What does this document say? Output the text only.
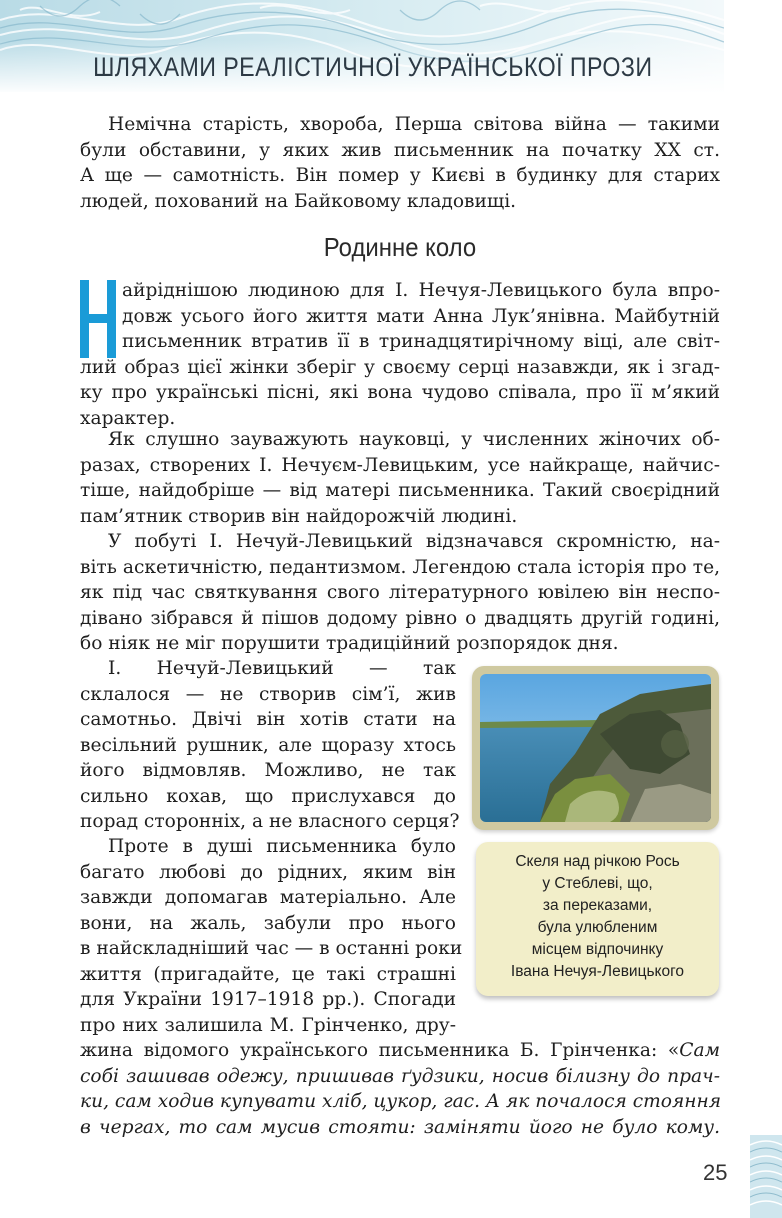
ШЛЯХАМИ РЕАЛІСТИЧНОЇ УКРАЇНСЬКОЇ ПРОЗИ
Немічна старість, хвороба, Перша світова війна — такими
були обставини, у яких жив письменник на початку XX ст.
А ще — самотність. Він помер у Києві в будинку для старих
людей, похований на Байковому кладовищі.
Родинне коло
айріднішою людиною для І. Нечуя-Левицького була впро-
довж усього його життя мати Анна Лук’янівна. Майбутній
письменник втратив її в тринадцятирічному віці, але світ-
лий образ цієї жінки зберіг у своєму серці назавжди, як і згад-
ку про українські пісні, які вона чудово співала, про її м’який
характер.
Як слушно зауважують науковці, у численних жіночих об-
разах, створених І. Нечуєм-Левицьким, усе найкраще, найчис-
тіше, найдобріше — від матері письменника. Такий своєрідний
пам’ятник створив він найдорожчій людині.
У побуті І. Нечуй-Левицький відзначався скромністю, на-
віть аскетичністю, педантизмом. Легендою стала історія про те,
як під час святкування свого літературного ювілею він неспо-
дівано зібрався й пішов додому рівно о двадцять другій годині,
бо ніяк не міг порушити традиційний розпорядок дня.
І. Нечуй-Левицький — так
склалося — не створив сім’ї, жив
самотньо. Двічі він хотів стати на
весільний рушник, але щоразу хтось
його відмовляв. Можливо, не так
сильно кохав, що прислухався до
порад сторонніх, а не власного серця?
Проте в душі письменника було
багато любові до рідних, яким він
завжди допомагав матеріально. Але
вони, на жаль, забули про нього
в найскладніший час — в останні роки
життя (пригадайте, це такі страшні
для України 1917–1918 рр.). Спогади
про них залишила М. Грінченко, дру-
жина відомого українського письменника Б. Грінченка: «Сам
собі зашивав одежу, пришивав ґудзики, носив білизну до прач-
ки, сам ходив купувати хліб, цукор, гас. А як почалося стояння
в чергах, то сам мусив стояти: заміняти його не було кому.
Скеля над річкою Рось
у Стеблеві, що,
за переказами,
була улюбленим
місцем відпочинку
Івана Нечуя-Левицького
25
